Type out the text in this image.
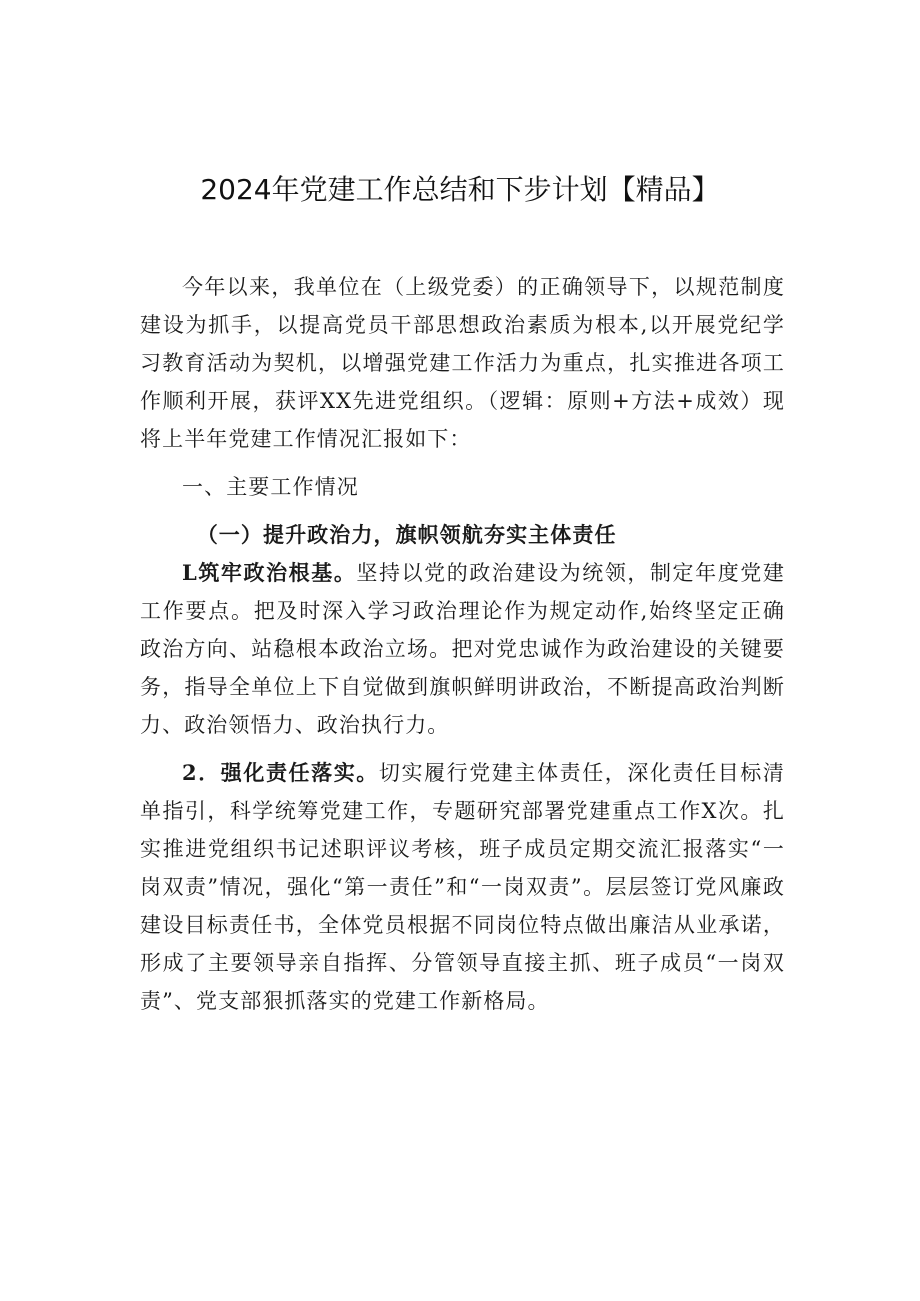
2024年党建工作总结和下步计划【精品】

今年以来，我单位在（上级党委）的正确领导下，以规范制度建设为抓手，以提高党员干部思想政治素质为根本,以开展党纪学习教育活动为契机，以增强党建工作活力为重点，扎实推进各项工作顺利开展，获评XX先进党组织。（逻辑：原则+方法+成效）现将上半年党建工作情况汇报如下：

一、主要工作情况

（一）提升政治力，旗帜领航夯实主体责任

L筑牢政治根基。坚持以党的政治建设为统领，制定年度党建工作要点。把及时深入学习政治理论作为规定动作,始终坚定正确政治方向、站稳根本政治立场。把对党忠诚作为政治建设的关键要务，指导全单位上下自觉做到旗帜鲜明讲政治，不断提高政治判断力、政治领悟力、政治执行力。

2．强化责任落实。切实履行党建主体责任，深化责任目标清单指引，科学统筹党建工作，专题研究部署党建重点工作X次。扎实推进党组织书记述职评议考核，班子成员定期交流汇报落实“一岗双责”情况，强化“第一责任”和“一岗双责”。层层签订党风廉政建设目标责任书，全体党员根据不同岗位特点做出廉洁从业承诺，形成了主要领导亲自指挥、分管领导直接主抓、班子成员“一岗双责”、党支部狠抓落实的党建工作新格局。
